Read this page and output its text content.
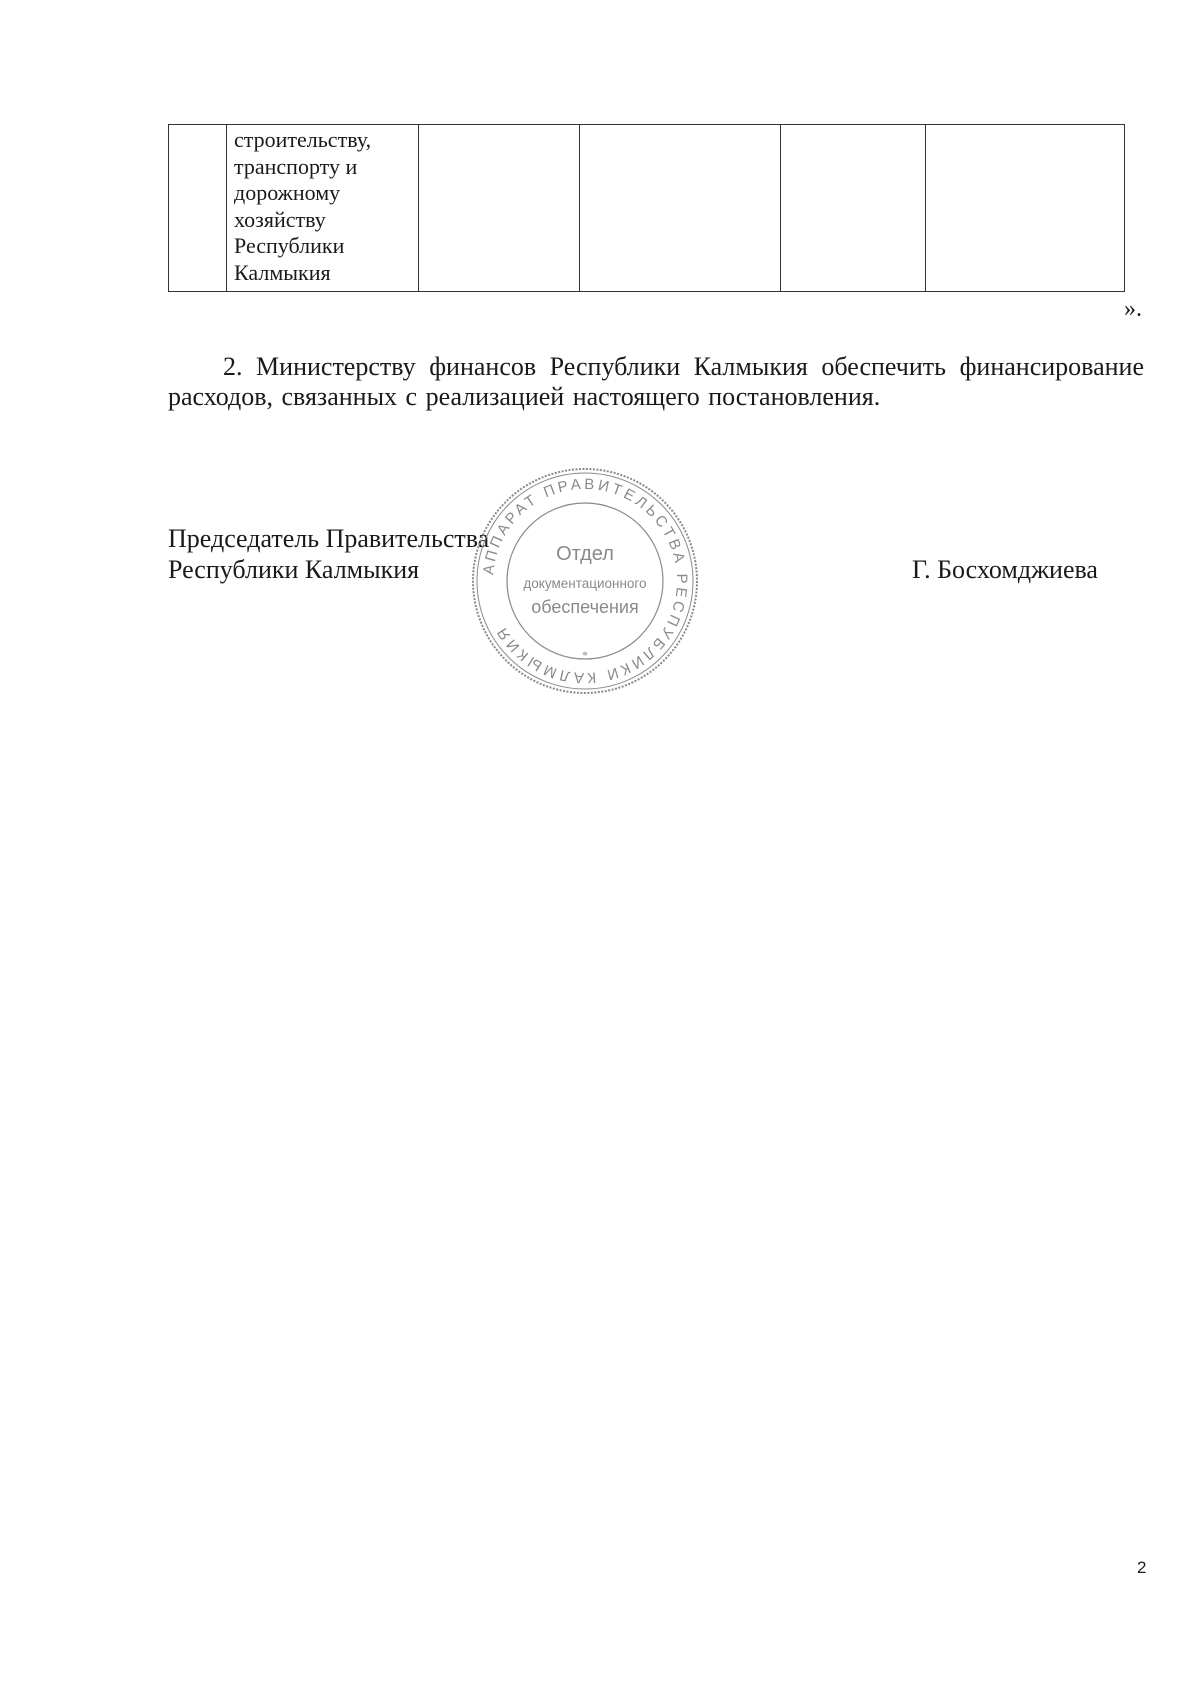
строительству,
транспорту и
дорожному
хозяйству
Республики
Калмыкия

».

2. Министерству финансов Республики Калмыкия обеспечить финансирование расходов, связанных с реализацией настоящего постановления.

Председатель Правительства
Республики Калмыкия	Г. Босхомджиева
АППАРАТ ПРАВИТЕЛЬСТВА РЕСПУБЛИКИ КАЛМЫКИЯ
Отдел
документационного
обеспечения
*
2
